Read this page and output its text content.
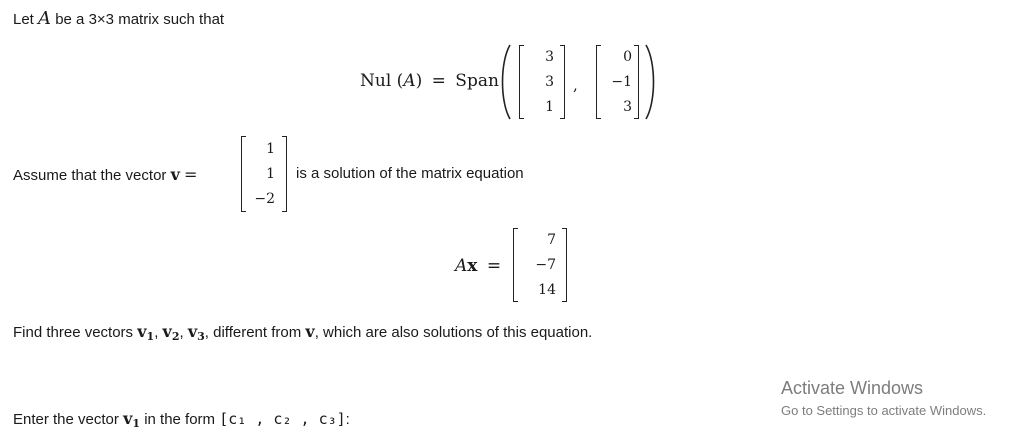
Let A be a 3×3 matrix such that
Nul (A) = Span
3
3
1
,
0
−1
3
Assume that the vector v =
1
1
−2
is a solution of the matrix equation
Ax =
7
−7
14
Find three vectors $v_1$, $v_2$, $v_3$, different from v, which are also solutions of this equation.
Enter the vector $v_1$ in the form [c₁ , c₂ , c₃]:
Activate Windows
Go to Settings to activate Windows.
